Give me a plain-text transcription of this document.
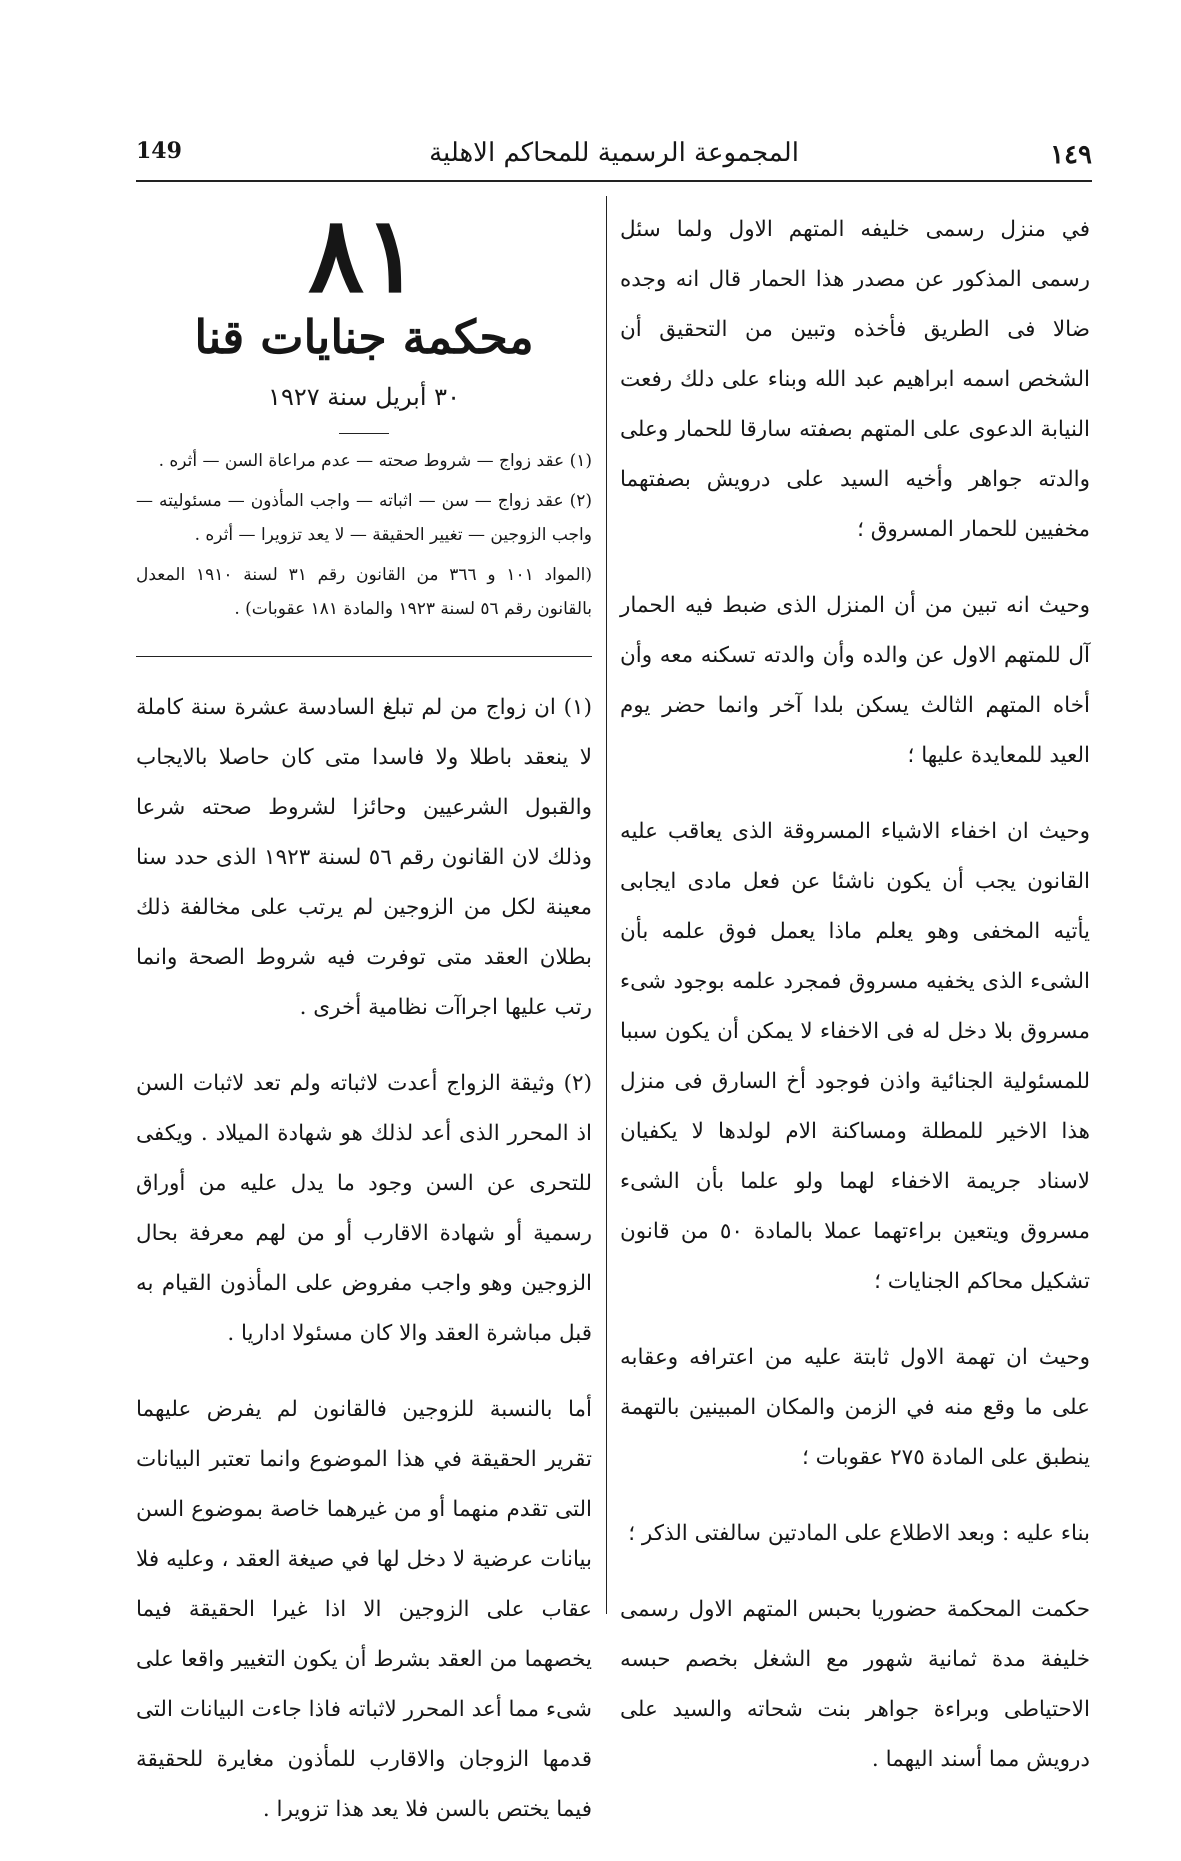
١٤٩
المجموعة الرسمية للمحاكم الاهلية
149

في منزل رسمى خليفه المتهم الاول ولما سئل رسمى المذكور عن مصدر هذا الحمار قال انه وجده ضالا فى الطريق فأخذه وتبين من التحقيق أن الشخص اسمه ابراهيم عبد الله وبناء على دلك رفعت النيابة الدعوى على المتهم بصفته سارقا للحمار وعلى والدته جواهر وأخيه السيد على درويش بصفتهما مخفيين للحمار المسروق ؛

وحيث انه تبين من أن المنزل الذى ضبط فيه الحمار آل للمتهم الاول عن والده وأن والدته تسكنه معه وأن أخاه المتهم الثالث يسكن بلدا آخر وانما حضر يوم العيد للمعايدة عليها ؛

وحيث ان اخفاء الاشياء المسروقة الذى يعاقب عليه القانون يجب أن يكون ناشئا عن فعل مادى ايجابى يأتيه المخفى وهو يعلم ماذا يعمل فوق علمه بأن الشىء الذى يخفيه مسروق فمجرد علمه بوجود شىء مسروق بلا دخل له فى الاخفاء لا يمكن أن يكون سببا للمسئولية الجنائية واذن فوجود أخ السارق فى منزل هذا الاخير للمطلة ومساكنة الام لولدها لا يكفيان لاسناد جريمة الاخفاء لهما ولو علما بأن الشىء مسروق ويتعين براءتهما عملا بالمادة ٥٠ من قانون تشكيل محاكم الجنايات ؛

وحيث ان تهمة الاول ثابتة عليه من اعترافه وعقابه على ما وقع منه في الزمن والمكان المبينين بالتهمة ينطبق على المادة ٢٧٥ عقوبات ؛

بناء عليه : وبعد الاطلاع على المادتين سالفتى الذكر ؛

حكمت المحكمة حضوريا بحبس المتهم الاول رسمى خليفة مدة ثمانية شهور مع الشغل بخصم حبسه الاحتياطى وبراءة جواهر بنت شحاته والسيد على درويش مما أسند اليهما .

٨١
محكمة جنايات قنا
٣٠ أبريل سنة ١٩٢٧

(١) عقد زواج — شروط صحته — عدم مراعاة السن — أثره .

(٢) عقد زواج — سن — اثباته — واجب المأذون — مسئوليته — واجب الزوجين — تغيير الحقيقة — لا يعد تزويرا — أثره .

(المواد ١٠١ و ٣٦٦ من القانون رقم ٣١ لسنة ١٩١٠ المعدل بالقانون رقم ٥٦ لسنة ١٩٢٣ والمادة ١٨١ عقوبات) .

(١) ان زواج من لم تبلغ السادسة عشرة سنة كاملة لا ينعقد باطلا ولا فاسدا متى كان حاصلا بالايجاب والقبول الشرعيين وحائزا لشروط صحته شرعا وذلك لان القانون رقم ٥٦ لسنة ١٩٢٣ الذى حدد سنا معينة لكل من الزوجين لم يرتب على مخالفة ذلك بطلان العقد متى توفرت فيه شروط الصحة وانما رتب عليها اجراآت نظامية أخرى .

(٢) وثيقة الزواج أعدت لاثباته ولم تعد لاثبات السن اذ المحرر الذى أعد لذلك هو شهادة الميلاد . ويكفى للتحرى عن السن وجود ما يدل عليه من أوراق رسمية أو شهادة الاقارب أو من لهم معرفة بحال الزوجين وهو واجب مفروض على المأذون القيام به قبل مباشرة العقد والا كان مسئولا اداريا .

أما بالنسبة للزوجين فالقانون لم يفرض عليهما تقرير الحقيقة في هذا الموضوع وانما تعتبر البيانات التى تقدم منهما أو من غيرهما خاصة بموضوع السن بيانات عرضية لا دخل لها في صيغة العقد ، وعليه فلا عقاب على الزوجين الا اذا غيرا الحقيقة فيما يخصهما من العقد بشرط أن يكون التغيير واقعا على شىء مما أعد المحرر لاثباته فاذا جاءت البيانات التى قدمها الزوجان والاقارب للمأذون مغايرة للحقيقة فيما يختص بالسن فلا يعد هذا تزويرا .
